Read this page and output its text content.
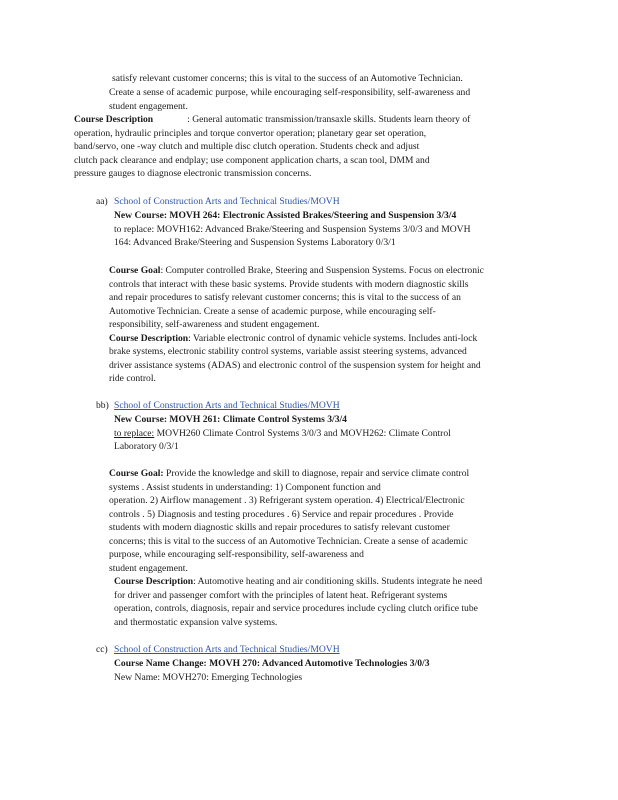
satisfy relevant customer concerns; this is vital to the success of an Automotive Technician.

Create a sense of academic purpose, while encouraging self-responsibility, self-awareness and

student engagement.

Course Description	: General automatic transmission/transaxle skills. Students learn theory of

operation, hydraulic principles and torque convertor operation; planetary gear set operation,

band/servo, one -way clutch and multiple disc clutch operation. Students check and adjust

clutch pack clearance and endplay; use component application charts, a scan tool, DMM and

pressure gauges to diagnose electronic transmission concerns.

aa) School of Construction Arts and Technical Studies/MOVH

New Course: MOVH 264: Electronic Assisted Brakes/Steering and Suspension 3/3/4

to replace: MOVH162: Advanced Brake/Steering and Suspension Systems 3/0/3 and MOVH

164: Advanced Brake/Steering and Suspension Systems Laboratory 0/3/1

Course Goal: Computer controlled Brake, Steering and Suspension Systems. Focus on electronic

controls that interact with these basic systems. Provide students with modern diagnostic skills

and repair procedures to satisfy relevant customer concerns; this is vital to the success of an

Automotive Technician. Create a sense of academic purpose, while encouraging self-

responsibility, self-awareness and student engagement.

Course Description: Variable electronic control of dynamic vehicle systems. Includes anti-lock

brake systems, electronic stability control systems, variable assist steering systems, advanced

driver assistance systems (ADAS) and electronic control of the suspension system for height and

ride control.

bb) School of Construction Arts and Technical Studies/MOVH

New Course: MOVH 261: Climate Control Systems 3/3/4

to replace: MOVH260 Climate Control Systems 3/0/3 and MOVH262: Climate Control

Laboratory 0/3/1

Course Goal: Provide the knowledge and skill to diagnose, repair and service climate control

systems . Assist students in understanding: 1) Component function and

operation. 2) Airflow management . 3) Refrigerant system operation. 4) Electrical/Electronic

controls . 5) Diagnosis and testing procedures . 6) Service and repair procedures . Provide

students with modern diagnostic skills and repair procedures to satisfy relevant customer

concerns; this is vital to the success of an Automotive Technician. Create a sense of academic

purpose, while encouraging self-responsibility, self-awareness and

student engagement.

Course Description: Automotive heating and air conditioning skills. Students integrate he need

for driver and passenger comfort with the principles of latent heat. Refrigerant systems

operation, controls, diagnosis, repair and service procedures include cycling clutch orifice tube

and thermostatic expansion valve systems.

cc) School of Construction Arts and Technical Studies/MOVH

Course Name Change: MOVH 270: Advanced Automotive Technologies 3/0/3

New Name: MOVH270: Emerging Technologies
